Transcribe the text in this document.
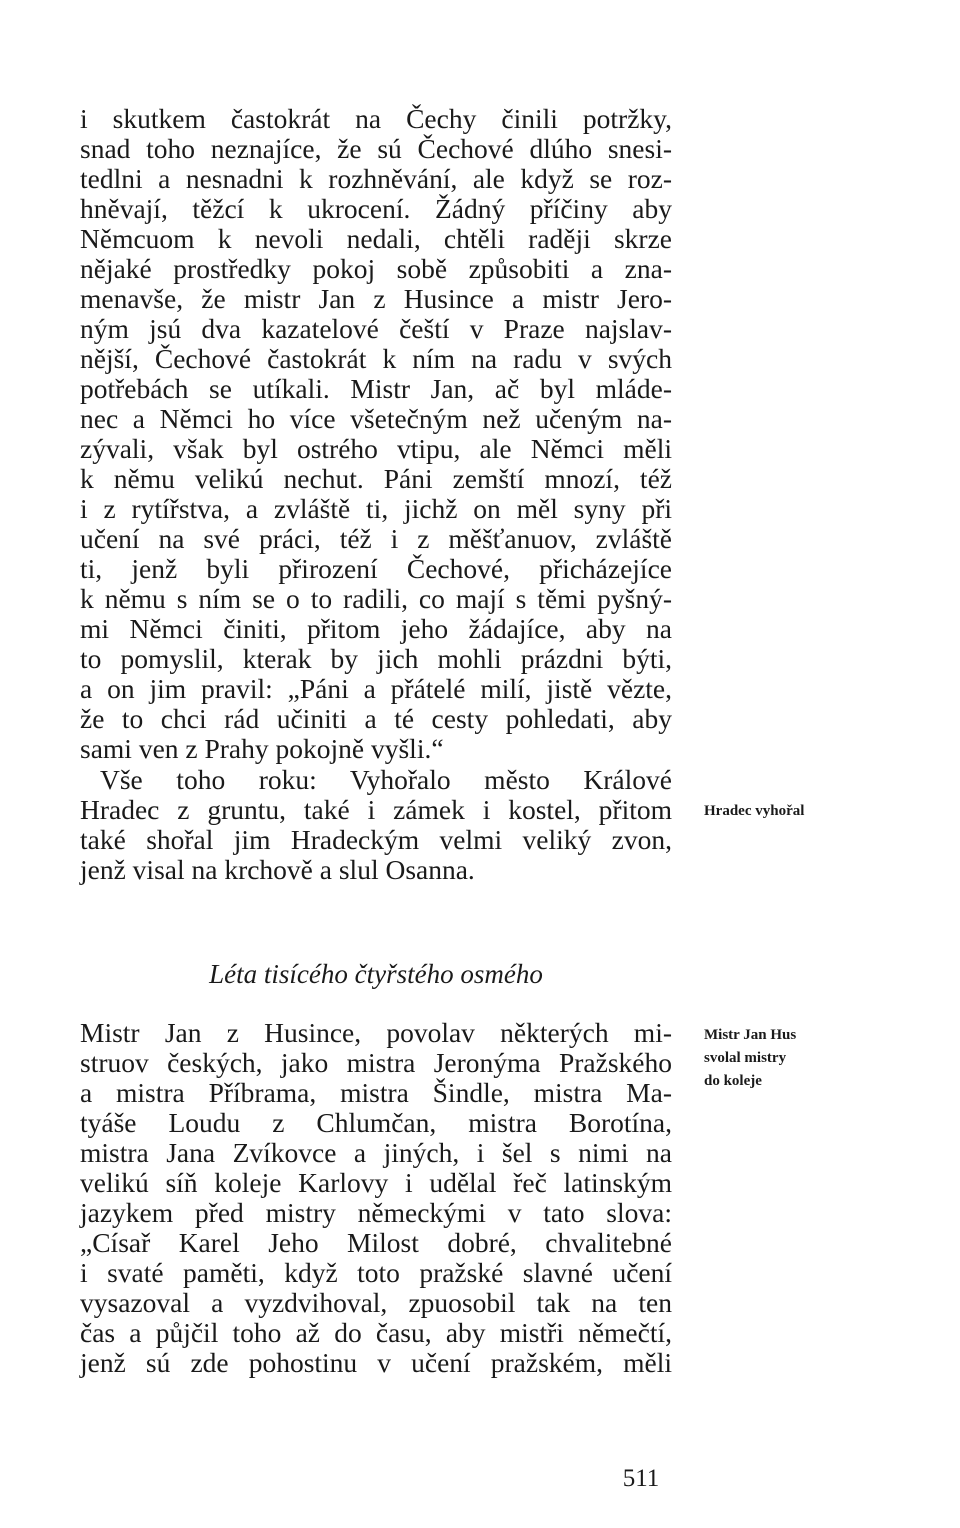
i skutkem častokrát na Čechy činili potržky,
snad toho neznajíce, že sú Čechové dlúho snesi-
tedlni a nesnadni k rozhněvání, ale když se roz-
hněvají, těžcí k ukrocení. Žádný příčiny aby
Němcuom k nevoli nedali, chtěli raději skrze
nějaké prostředky pokoj sobě způsobiti a zna-
menavše, že mistr Jan z Husince a mistr Jero-
ným jsú dva kazatelové čeští v Praze najslav-
nější, Čechové častokrát k ním na radu v svých
potřebách se utíkali. Mistr Jan, ač byl mláde-
nec a Němci ho více všetečným než učeným na-
zývali, však byl ostrého vtipu, ale Němci měli
k němu velikú nechut. Páni zemští mnozí, též
i z rytířstva, a zvláště ti, jichž on měl syny při
učení na své práci, též i z měšťanuov, zvláště
ti, jenž byli přirození Čechové, přicházejíce
k němu s ním se o to radili, co mají s těmi pyšný-
mi Němci činiti, přitom jeho žádajíce, aby na
to pomyslil, kterak by jich mohli prázdni býti,
a on jim pravil: „Páni a přátelé milí, jistě vězte,
že to chci rád učiniti a té cesty pohledati, aby
sami ven z Prahy pokojně vyšli.“
Vše toho roku: Vyhořalo město Králové
Hradec z gruntu, také i zámek i kostel, přitom
také shořal jim Hradeckým velmi veliký zvon,
jenž visal na krchově a slul Osanna.
Hradec vyhořal
Léta tisícého čtyřstého osmého
Mistr Jan z Husince, povolav některých mi-
struov českých, jako mistra Jeronýma Pražského
a mistra Příbrama, mistra Šindle, mistra Ma-
tyáše Loudu z Chlumčan, mistra Borotína,
mistra Jana Zvíkovce a jiných, i šel s nimi na
velikú síň koleje Karlovy i udělal řeč latinským
jazykem před mistry německými v tato slova:
„Císař Karel Jeho Milost dobré, chvalitebné
i svaté paměti, když toto pražské slavné učení
vysazoval a vyzdvihoval, zpuosobil tak na ten
čas a půjčil toho až do času, aby mistři němečtí,
jenž sú zde pohostinu v učení pražském, měli
Mistr Jan Hus
svolal mistry
do koleje
511
